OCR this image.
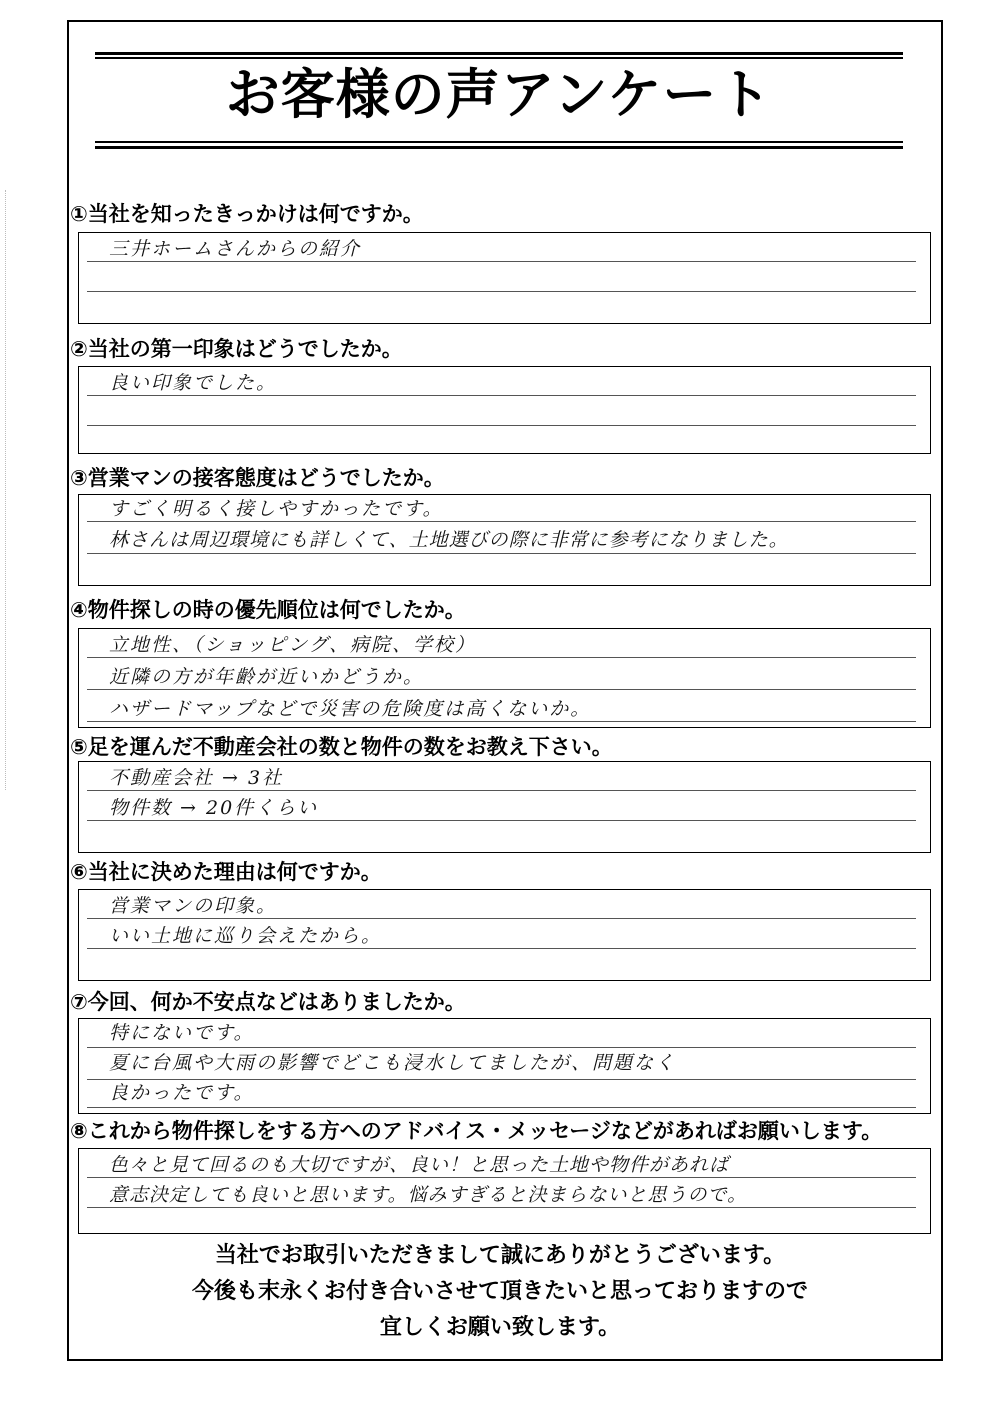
お客様の声アンケート
①当社を知ったきっかけは何ですか。
三井ホームさんからの紹介
②当社の第一印象はどうでしたか。
良い印象でした。
③営業マンの接客態度はどうでしたか。
すごく明るく接しやすかったです。
林さんは周辺環境にも詳しくて、土地選びの際に非常に参考になりました。
④物件探しの時の優先順位は何でしたか。
立地性、（ショッピング、病院、学校）
近隣の方が年齢が近いかどうか。
ハザードマップなどで災害の危険度は高くないか。
⑤足を運んだ不動産会社の数と物件の数をお教え下さい。
不動産会社 → 3社
物件数 → 20件くらい
⑥当社に決めた理由は何ですか。
営業マンの印象。
いい土地に巡り会えたから。
⑦今回、何か不安点などはありましたか。
特にないです。
夏に台風や大雨の影響でどこも浸水してましたが、問題なく
良かったです。
⑧これから物件探しをする方へのアドバイス・メッセージなどがあればお願いします。
色々と見て回るのも大切ですが、良い！と思った土地や物件があれば
意志決定しても良いと思います。悩みすぎると決まらないと思うので。
当社でお取引いただきまして誠にありがとうございます。
今後も末永くお付き合いさせて頂きたいと思っておりますので
宜しくお願い致します。
